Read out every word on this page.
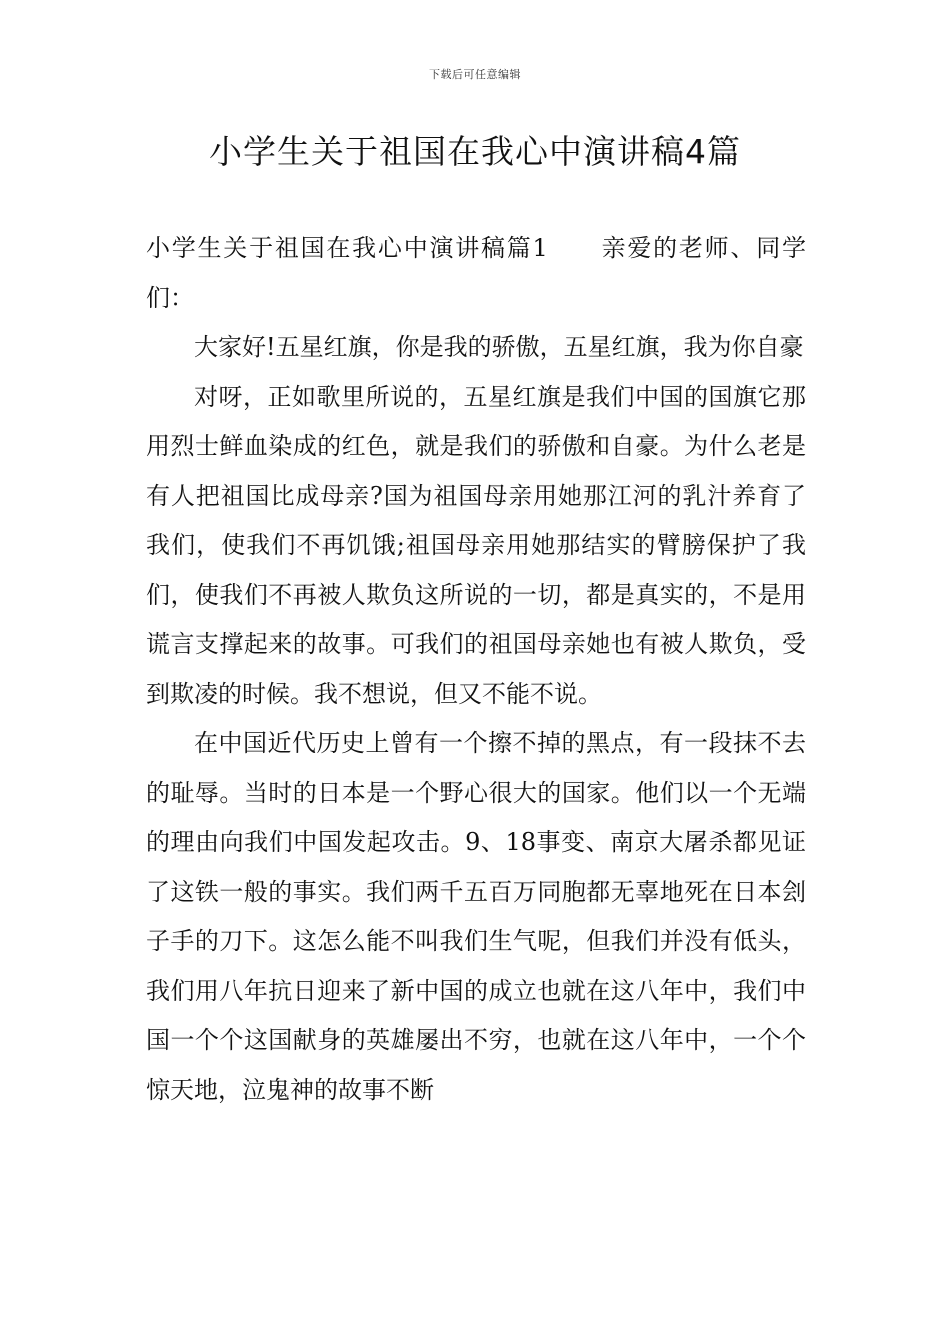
下载后可任意编辑
小学生关于祖国在我心中演讲稿4篇

小学生关于祖国在我心中演讲稿篇1 亲爱的老师、同学们：

大家好!五星红旗，你是我的骄傲，五星红旗，我为你自豪

对呀，正如歌里所说的，五星红旗是我们中国的国旗它那用烈士鲜血染成的红色，就是我们的骄傲和自豪。为什么老是有人把祖国比成母亲?国为祖国母亲用她那江河的乳汁养育了我们，使我们不再饥饿;祖国母亲用她那结实的臂膀保护了我们，使我们不再被人欺负这所说的一切，都是真实的，不是用谎言支撑起来的故事。可我们的祖国母亲她也有被人欺负，受到欺凌的时候。我不想说，但又不能不说。

在中国近代历史上曾有一个擦不掉的黑点，有一段抹不去的耻辱。当时的日本是一个野心很大的国家。他们以一个无端的理由向我们中国发起攻击。9、18事变、南京大屠杀都见证了这铁一般的事实。我们两千五百万同胞都无辜地死在日本刽子手的刀下。这怎么能不叫我们生气呢，但我们并没有低头，我们用八年抗日迎来了新中国的成立也就在这八年中，我们中国一个个这国献身的英雄屡出不穷，也就在这八年中，一个个惊天地，泣鬼神的故事不断
